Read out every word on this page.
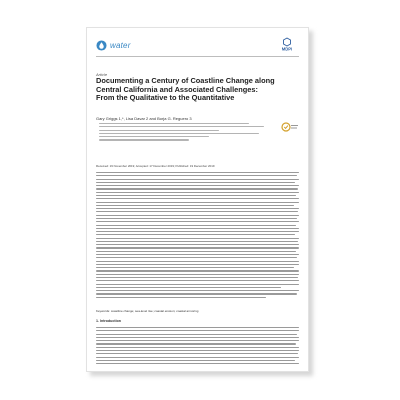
water	MDPI
Article
Documenting a Century of Coastline Change along Central California and Associated Challenges: From the Qualitative to the Quantitative
Gary Griggs 1,*, Lisa Davar 2 and Borja G. Reguero 3
Received: 19 November 2019; Accepted: 17 December 2019; Published: 19 December 2019
Keywords: coastline change; sea-level rise; coastal erosion; coastal armoring
1. Introduction
